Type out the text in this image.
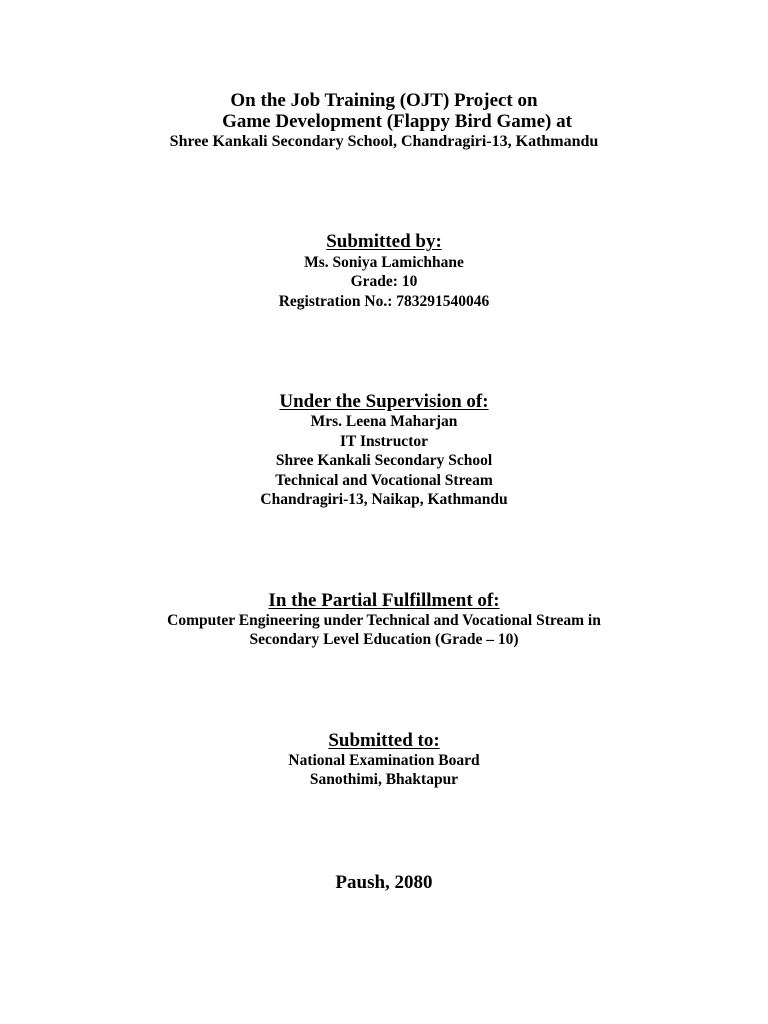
On the Job Training (OJT) Project on
Game Development (Flappy Bird Game) at
Shree Kankali Secondary School, Chandragiri-13, Kathmandu
Submitted by:
Ms. Soniya Lamichhane
Grade: 10
Registration No.: 783291540046
Under the Supervision of:
Mrs. Leena Maharjan
IT Instructor
Shree Kankali Secondary School
Technical and Vocational Stream
Chandragiri-13, Naikap, Kathmandu
In the Partial Fulfillment of:
Computer Engineering under Technical and Vocational Stream in
Secondary Level Education (Grade – 10)
Submitted to:
National Examination Board
Sanothimi, Bhaktapur
Paush, 2080
